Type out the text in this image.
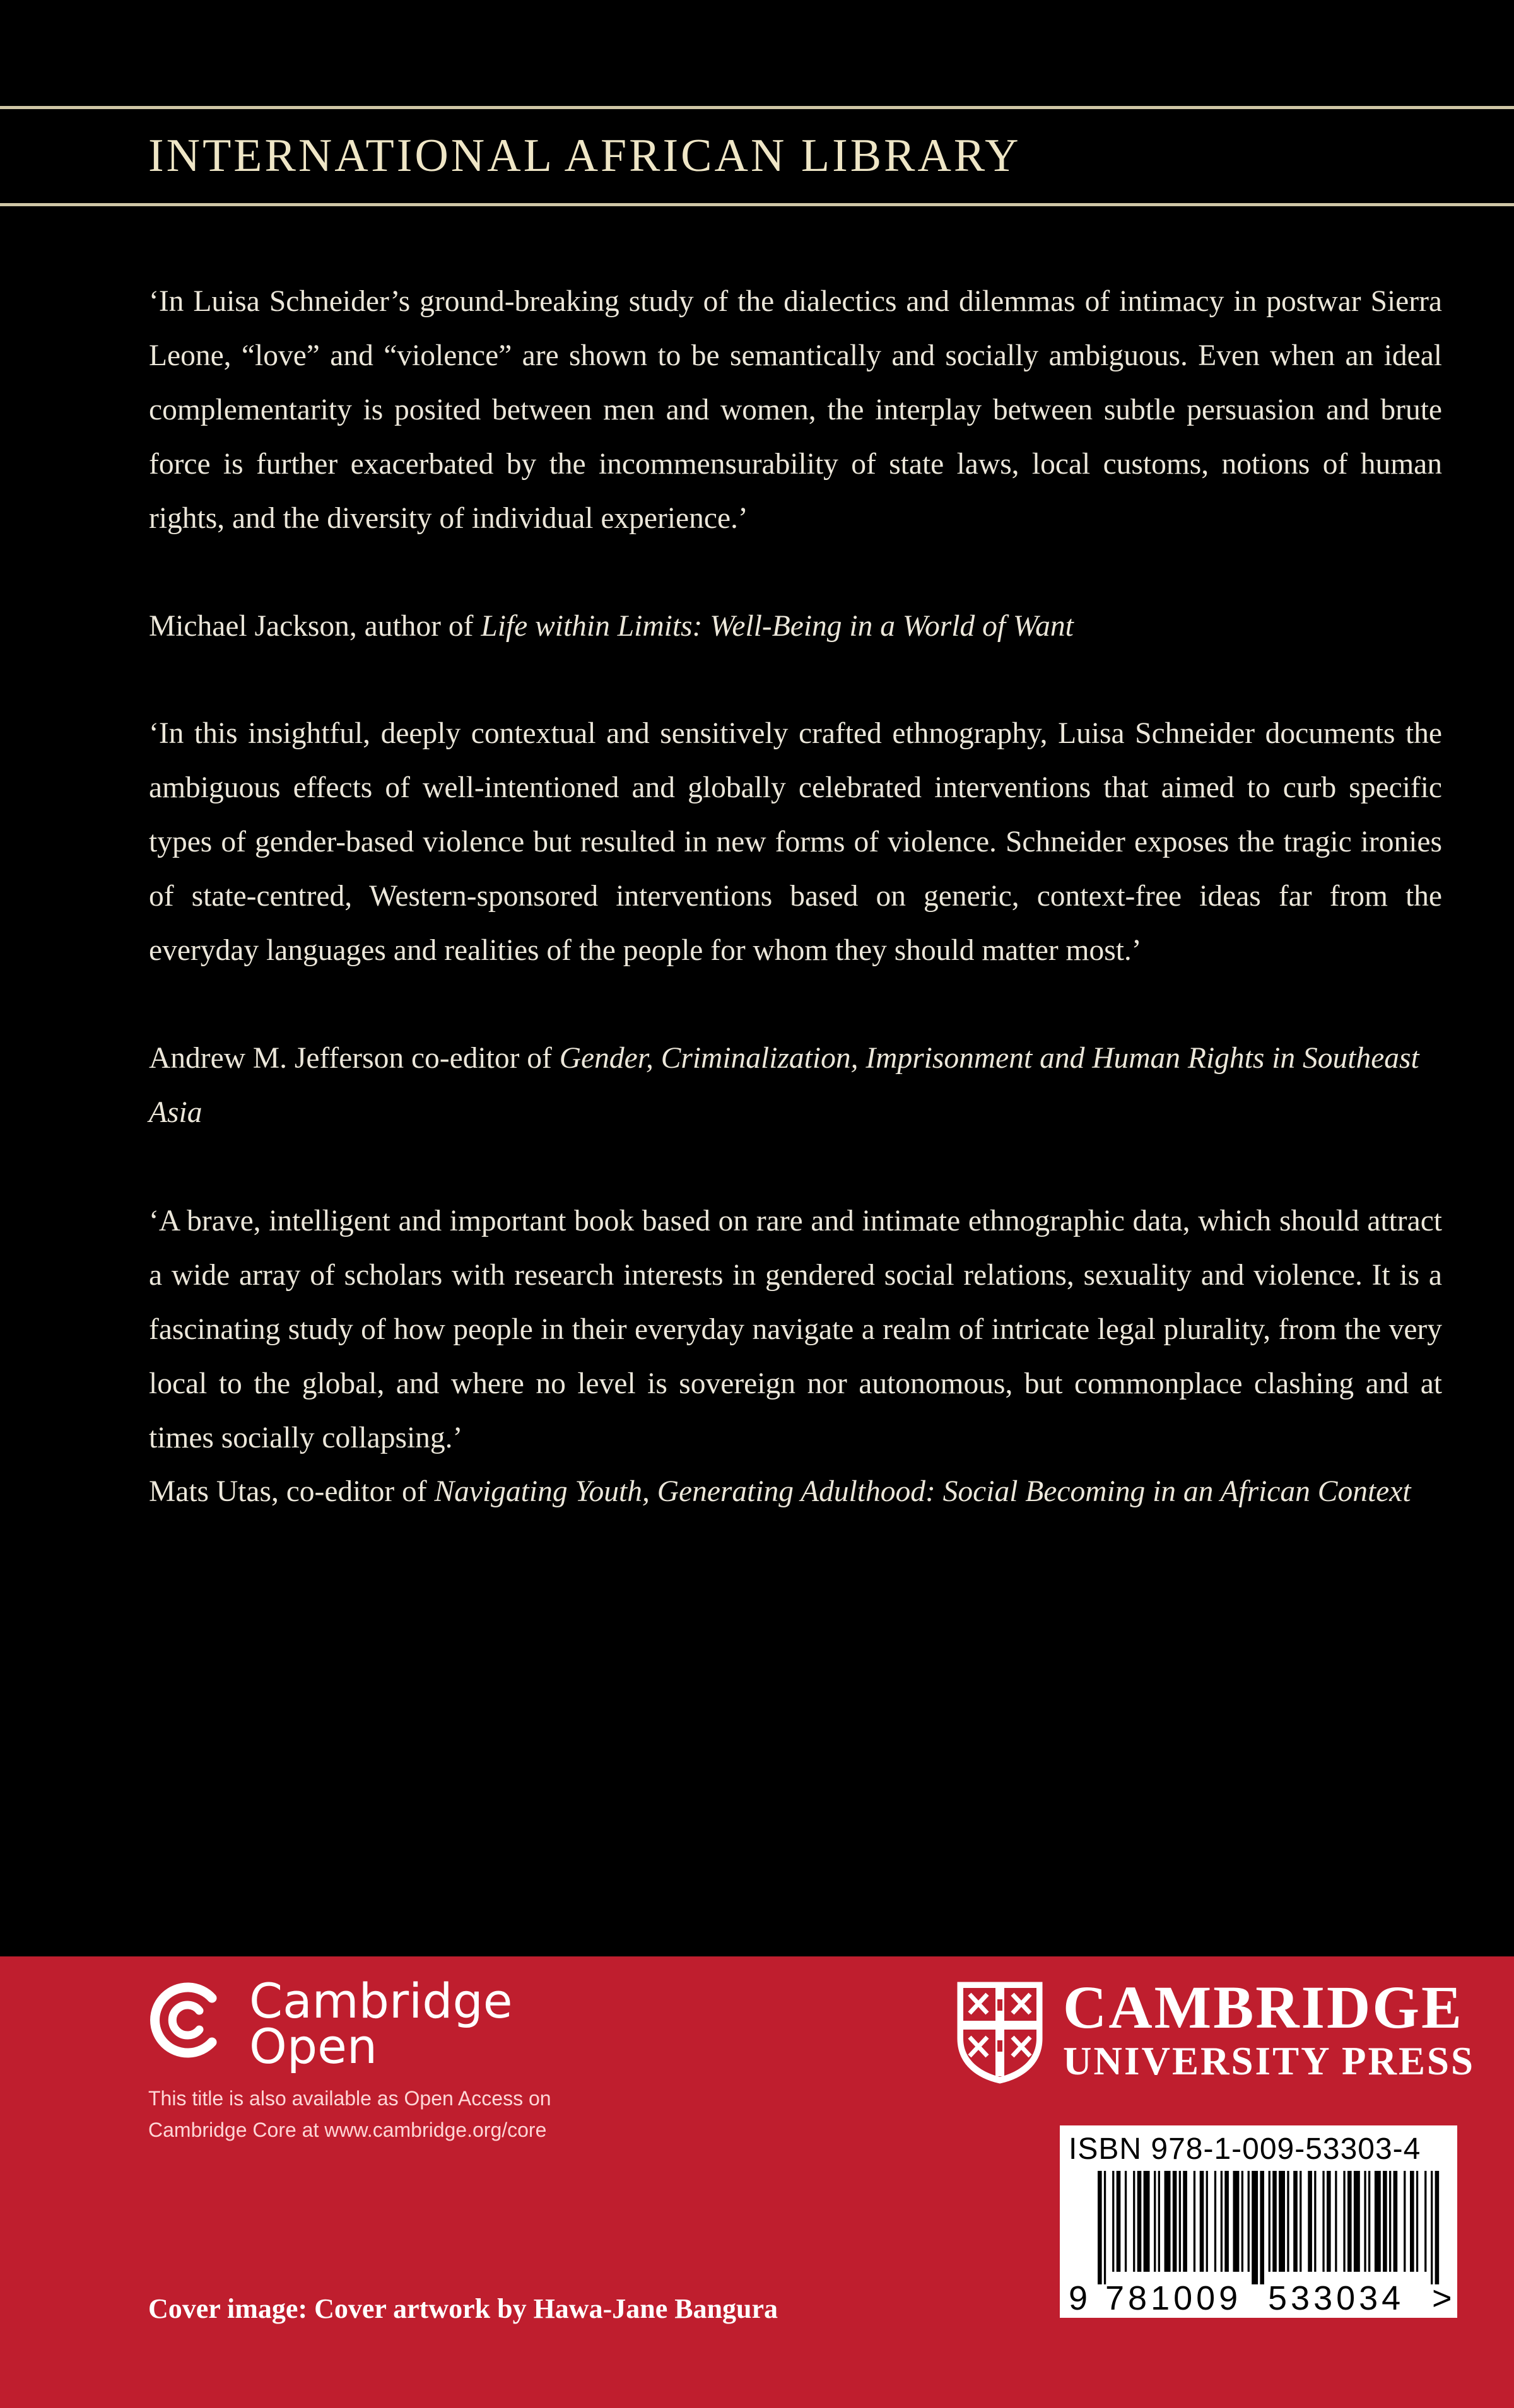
INTERNATIONAL AFRICAN LIBRARY

‘In Luisa Schneider’s ground-breaking study of the dialectics and dilemmas of intimacy in postwar Sierra Leone, “love” and “violence” are shown to be semantically and socially ambiguous. Even when an ideal complementarity is posited between men and women, the interplay between subtle persuasion and brute force is further exacerbated by the incommensurability of state laws, local customs, notions of human rights, and the diversity of individual experience.’

Michael Jackson, author of Life within Limits: Well-Being in a World of Want

‘In this insightful, deeply contextual and sensitively crafted ethnography, Luisa Schneider documents the ambiguous effects of well-intentioned and globally celebrated interventions that aimed to curb specific types of gender-based violence but resulted in new forms of violence. Schneider exposes the tragic ironies of state-centred, Western-sponsored interventions based on generic, context-free ideas far from the everyday languages and realities of the people for whom they should matter most.’

Andrew M. Jefferson co-editor of Gender, Criminalization, Imprisonment and Human Rights in Southeast Asia

‘A brave, intelligent and important book based on rare and intimate ethnographic data, which should attract a wide array of scholars with research interests in gendered social relations, sexuality and violence. It is a fascinating study of how people in their everyday navigate a realm of intricate legal plurality, from the very local to the global, and where no level is sovereign nor autonomous, but commonplace clashing and at times socially collapsing.’

Mats Utas, co-editor of Navigating Youth, Generating Adulthood: Social Becoming in an African Context

Cambridge
Open
This title is also available as Open Access on
Cambridge Core at www.cambridge.org/core
CAMBRIDGE
UNIVERSITY PRESS
ISBN 978-1-009-53303-4
9 781009 533034 >
Cover image: Cover artwork by Hawa-Jane Bangura
